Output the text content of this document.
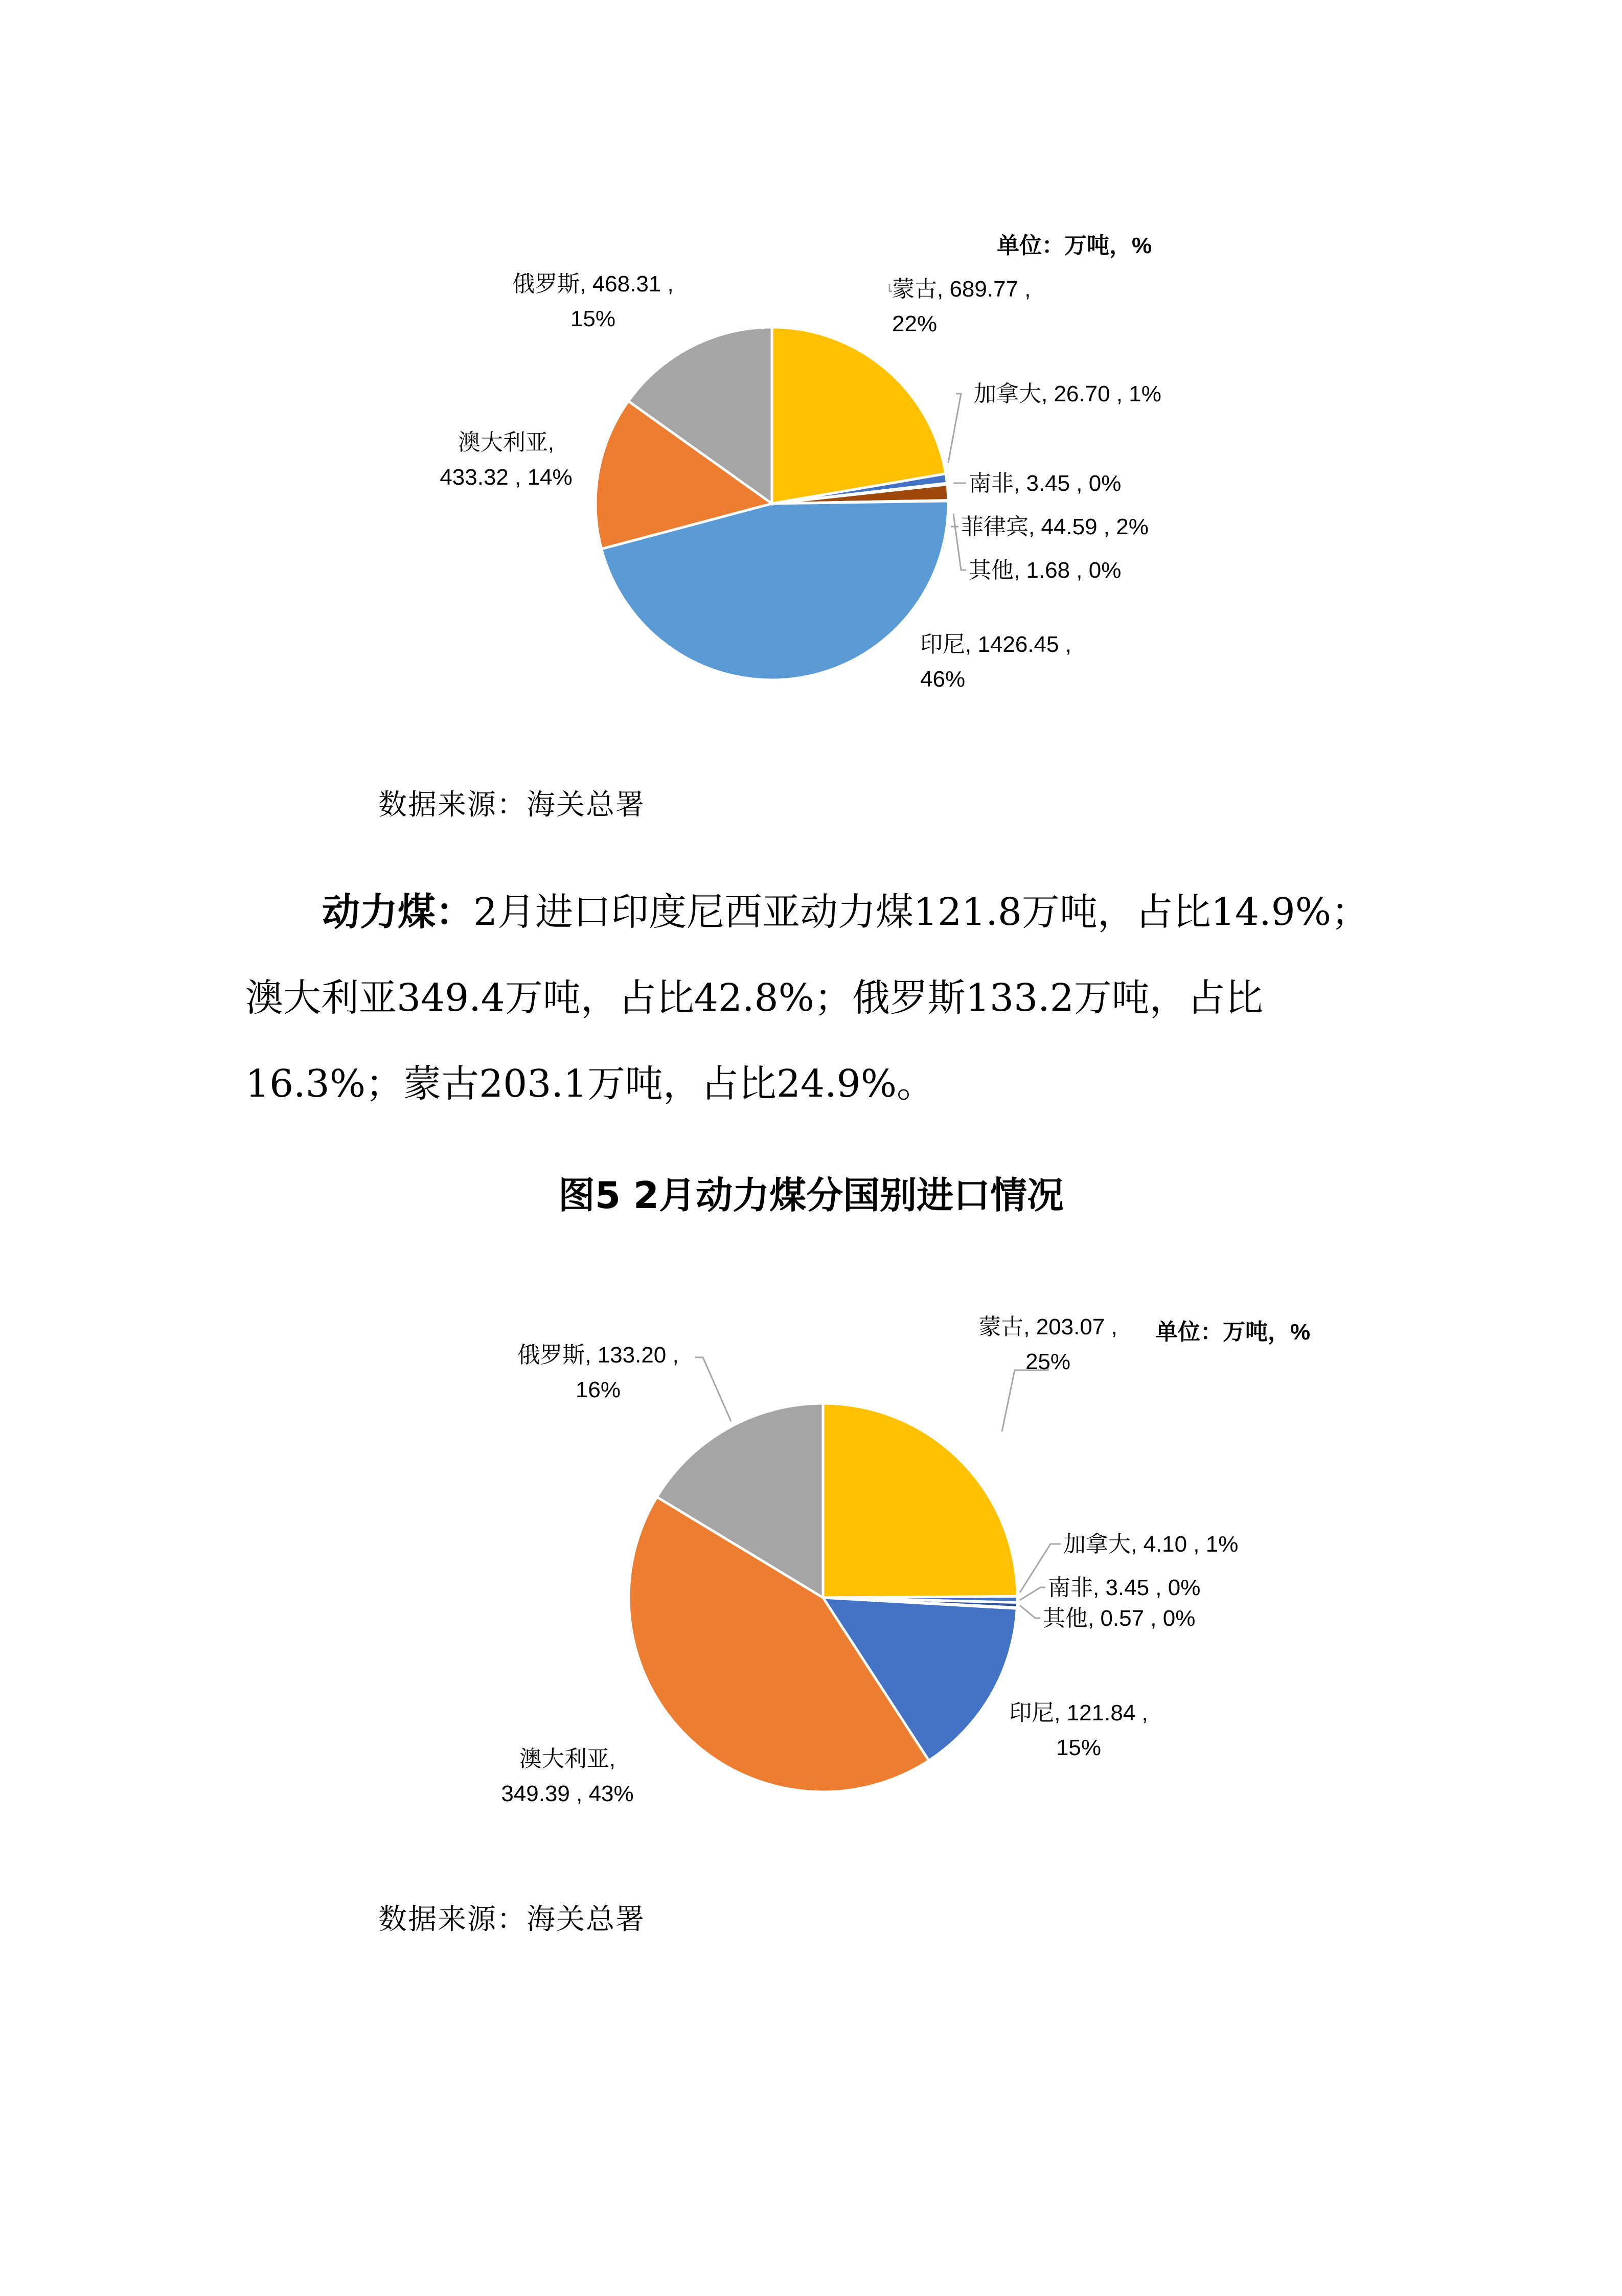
蒙古, 689.77 , 22%
加拿大, 26.70 , 1%
南非, 3.45 , 0%
菲律宾, 44.59 , 2%
其他, 1.68 , 0%
印尼, 1426.45 , 46%
澳大利亚, 433.32 , 14%
俄罗斯, 468.31 , 15%
单位：万吨，%
蒙古, 203.07 , 25%
加拿大, 4.10 , 1%
南非, 3.45 , 0%
其他, 0.57 , 0%
印尼, 121.84 , 15%
澳大利亚, 349.39 , 43%
俄罗斯, 133.20 , 16%
单位：万吨，%
数据来源：海关总署
动力煤：2月进口印度尼西亚动力煤121.8万吨，占比14.9%；澳大利亚349.4万吨，占比42.8%；俄罗斯133.2万吨，占比16.3%；蒙古203.1万吨，占比24.9%。
图5 2月动力煤分国别进口情况
数据来源：海关总署
